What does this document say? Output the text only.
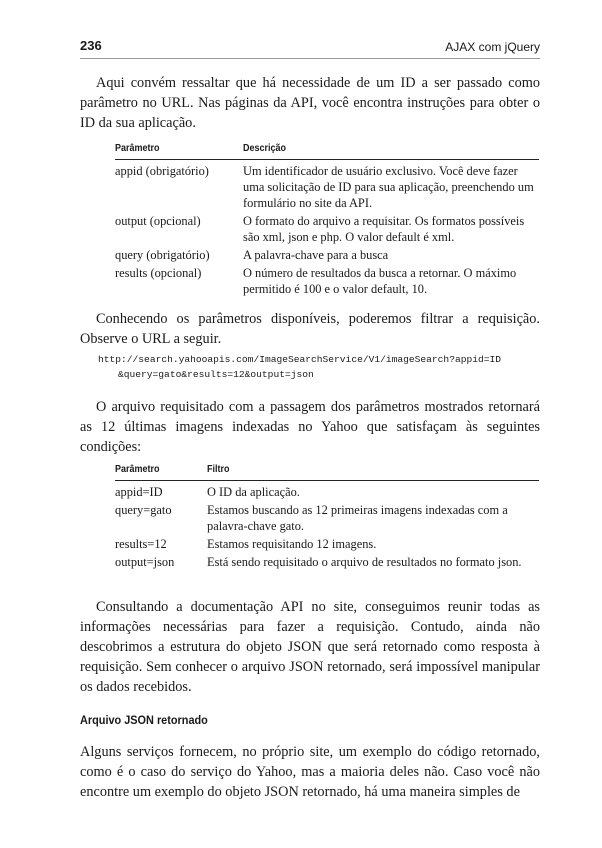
236	AJAX com jQuery

Aqui convém ressaltar que há necessidade de um ID a ser passado como parâmetro no URL. Nas páginas da API, você encontra instruções para obter o ID da sua aplicação.

Parâmetro	Descrição
appid (obrigatório)	Um identificador de usuário exclusivo. Você deve fazer uma solicitação de ID para sua aplicação, preenchendo um formulário no site da API.
output (opcional)	O formato do arquivo a requisitar. Os formatos possíveis são xml, json e php. O valor default é xml.
query (obrigatório)	A palavra-chave para a busca
results (opcional)	O número de resultados da busca a retornar. O máximo permitido é 100 e o valor default, 10.

Conhecendo os parâmetros disponíveis, poderemos filtrar a requisição. Observe o URL a seguir.

http://search.yahooapis.com/ImageSearchService/V1/imageSearch?appid=ID
&query=gato&results=12&output=json

O arquivo requisitado com a passagem dos parâmetros mostrados retornará as 12 últimas imagens indexadas no Yahoo que satisfaçam às seguintes condições:

Parâmetro	Filtro
appid=ID	O ID da aplicação.
query=gato	Estamos buscando as 12 primeiras imagens indexadas com a palavra-chave gato.
results=12	Estamos requisitando 12 imagens.
output=json	Está sendo requisitado o arquivo de resultados no formato json.

Consultando a documentação API no site, conseguimos reunir todas as informações necessárias para fazer a requisição. Contudo, ainda não descobrimos a estrutura do objeto JSON que será retornado como resposta à requisição. Sem conhecer o arquivo JSON retornado, será impossível manipular os dados recebidos.

Arquivo JSON retornado

Alguns serviços fornecem, no próprio site, um exemplo do código retornado, como é o caso do serviço do Yahoo, mas a maioria deles não. Caso você não encontre um exemplo do objeto JSON retornado, há uma maneira simples de
